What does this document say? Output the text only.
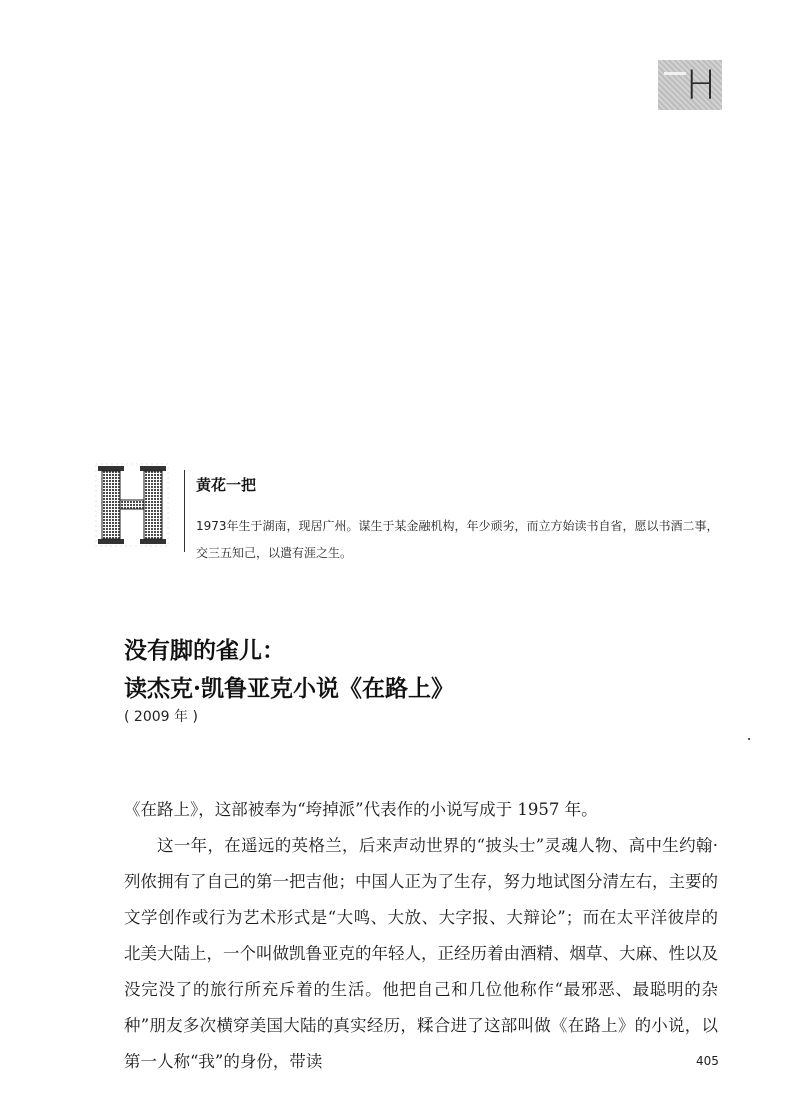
H
黄花一把
1973年生于湖南，现居广州。谋生于某金融机构，年少顽劣，而立方始读书自省，愿以书酒二事，交三五知己，以遣有涯之生。
没有脚的雀儿：
读杰克·凯鲁亚克小说《在路上》
( 2009 年 )

《在路上》，这部被奉为“垮掉派”代表作的小说写成于 1957 年。

这一年，在遥远的英格兰，后来声动世界的“披头士”灵魂人物、高中生约翰·列侬拥有了自己的第一把吉他；中国人正为了生存，努力地试图分清左右，主要的文学创作或行为艺术形式是“大鸣、大放、大字报、大辩论”；而在太平洋彼岸的北美大陆上，一个叫做凯鲁亚克的年轻人，正经历着由酒精、烟草、大麻、性以及没完没了的旅行所充斥着的生活。他把自己和几位他称作“最邪恶、最聪明的杂种”朋友多次横穿美国大陆的真实经历，糅合进了这部叫做《在路上》的小说，以第一人称“我”的身份，带读	405
